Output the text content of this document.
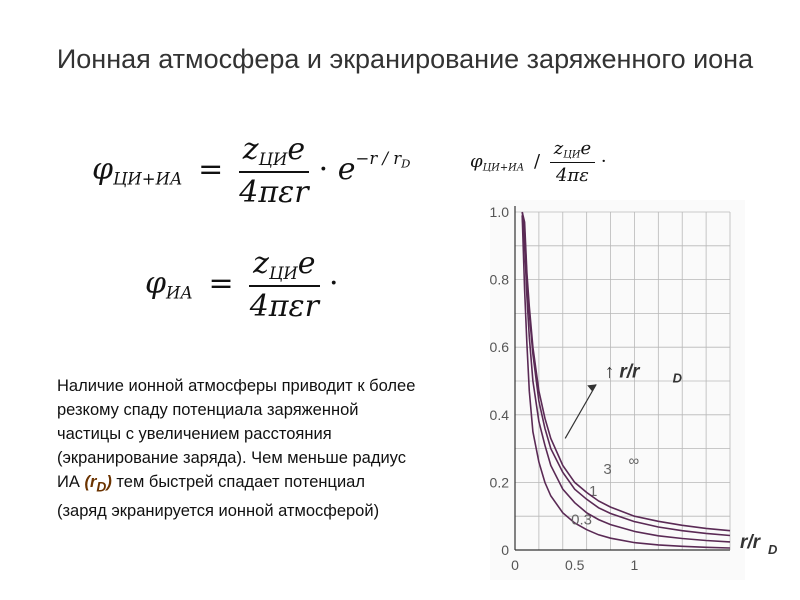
Ионная атмосфера и экранирование заряженного иона
$\varphi_{ЦИ+ИА} = \frac{z_{ЦИ}e}{\text{4πεr}} \cdot e^{-r / r_D}$
$\varphi_{ИА} = \frac{z_{ЦИ}e}{\text{4πεr}}$ ·
$\varphi_{ЦИ+ИА} / \frac{z_{ЦИ}e}{4\pi\varepsilon}$ ·
Наличие ионной атмосферы приводит к более резкому спаду потенциала заряженной частицы с увеличением расстояния (экранирование заряда). Чем меньше радиус ИА $(r_D)$ тем быстрей спадает потенциал (заряд экранируется ионной атмосферой)
0
0.2
0.4
0.6
0.8
1.0
0	0.5	1
0.3
1
3 ∞
↑ r/r	D
r/r D
